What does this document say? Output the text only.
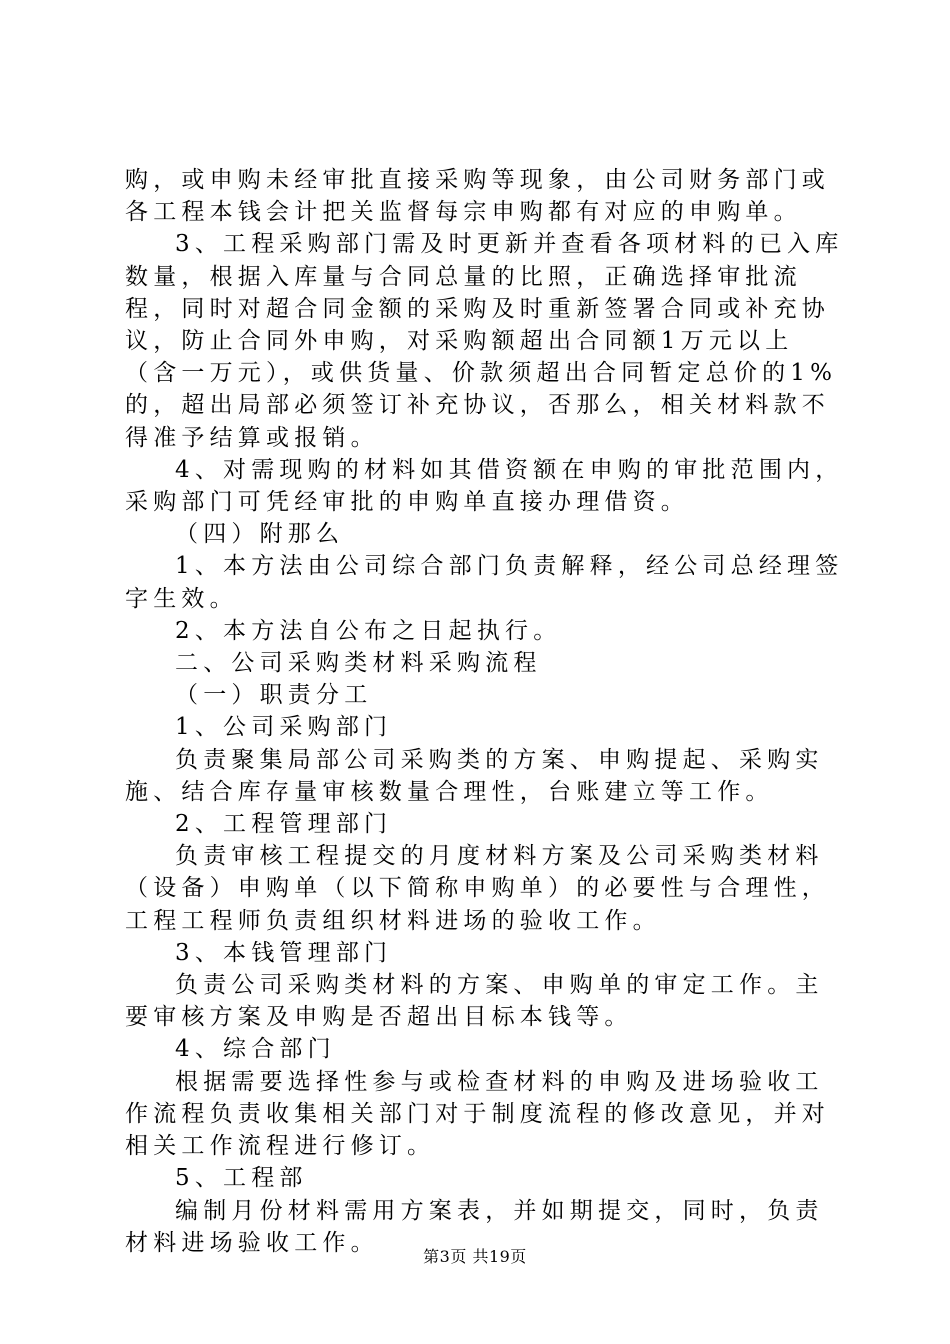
购，或申购未经审批直接采购等现象，由公司财务部门或各工程本钱会计把关监督每宗申购都有对应的申购单。

3、工程采购部门需及时更新并查看各项材料的已入库数量，根据入库量与合同总量的比照，正确选择审批流程，同时对超合同金额的采购及时重新签署合同或补充协议，防止合同外申购，对采购额超出合同额1万元以上（含一万元），或供货量、价款须超出合同暂定总价的1%的，超出局部必须签订补充协议，否那么，相关材料款不得准予结算或报销。

4、对需现购的材料如其借资额在申购的审批范围内，采购部门可凭经审批的申购单直接办理借资。

（四）附那么

1、本方法由公司综合部门负责解释，经公司总经理签字生效。

2、本方法自公布之日起执行。

二、公司采购类材料采购流程

（一）职责分工

1、公司采购部门

负责聚集局部公司采购类的方案、申购提起、采购实施、结合库存量审核数量合理性，台账建立等工作。

2、工程管理部门

负责审核工程提交的月度材料方案及公司采购类材料（设备）申购单（以下简称申购单）的必要性与合理性，工程工程师负责组织材料进场的验收工作。

3、本钱管理部门

负责公司采购类材料的方案、申购单的审定工作。主要审核方案及申购是否超出目标本钱等。

4、综合部门

根据需要选择性参与或检查材料的申购及进场验收工作流程负责收集相关部门对于制度流程的修改意见，并对相关工作流程进行修订。

5、工程部

编制月份材料需用方案表，并如期提交，同时，负责材料进场验收工作。

第3页 共19页
